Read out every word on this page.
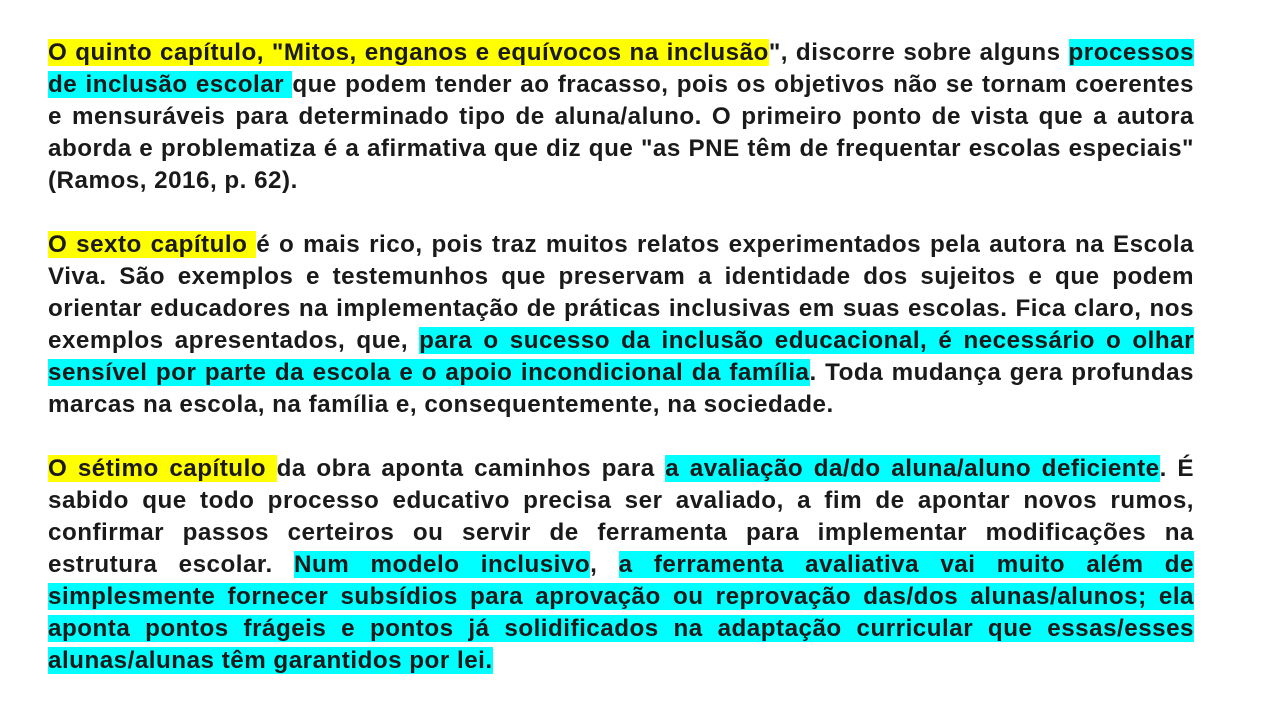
O quinto capítulo, "Mitos, enganos e equívocos na inclusão", discorre sobre alguns processos de inclusão escolar que podem tender ao fracasso, pois os objetivos não se tornam coerentes e mensuráveis para determinado tipo de aluna/aluno. O primeiro ponto de vista que a autora aborda e problematiza é a afirmativa que diz que "as PNE têm de frequentar escolas especiais" (Ramos, 2016, p. 62).

O sexto capítulo é o mais rico, pois traz muitos relatos experimentados pela autora na Escola Viva. São exemplos e testemunhos que preservam a identidade dos sujeitos e que podem orientar educadores na implementação de práticas inclusivas em suas escolas. Fica claro, nos exemplos apresentados, que, para o sucesso da inclusão educacional, é necessário o olhar sensível por parte da escola e o apoio incondicional da família. Toda mudança gera profundas marcas na escola, na família e, consequentemente, na sociedade.

O sétimo capítulo da obra aponta caminhos para a avaliação da/do aluna/aluno deficiente. É sabido que todo processo educativo precisa ser avaliado, a fim de apontar novos rumos, confirmar passos certeiros ou servir de ferramenta para implementar modificações na estrutura escolar. Num modelo inclusivo, a ferramenta avaliativa vai muito além de simplesmente fornecer subsídios para aprovação ou reprovação das/dos alunas/alunos; ela aponta pontos frágeis e pontos já solidificados na adaptação curricular que essas/esses alunas/alunas têm garantidos por lei.
